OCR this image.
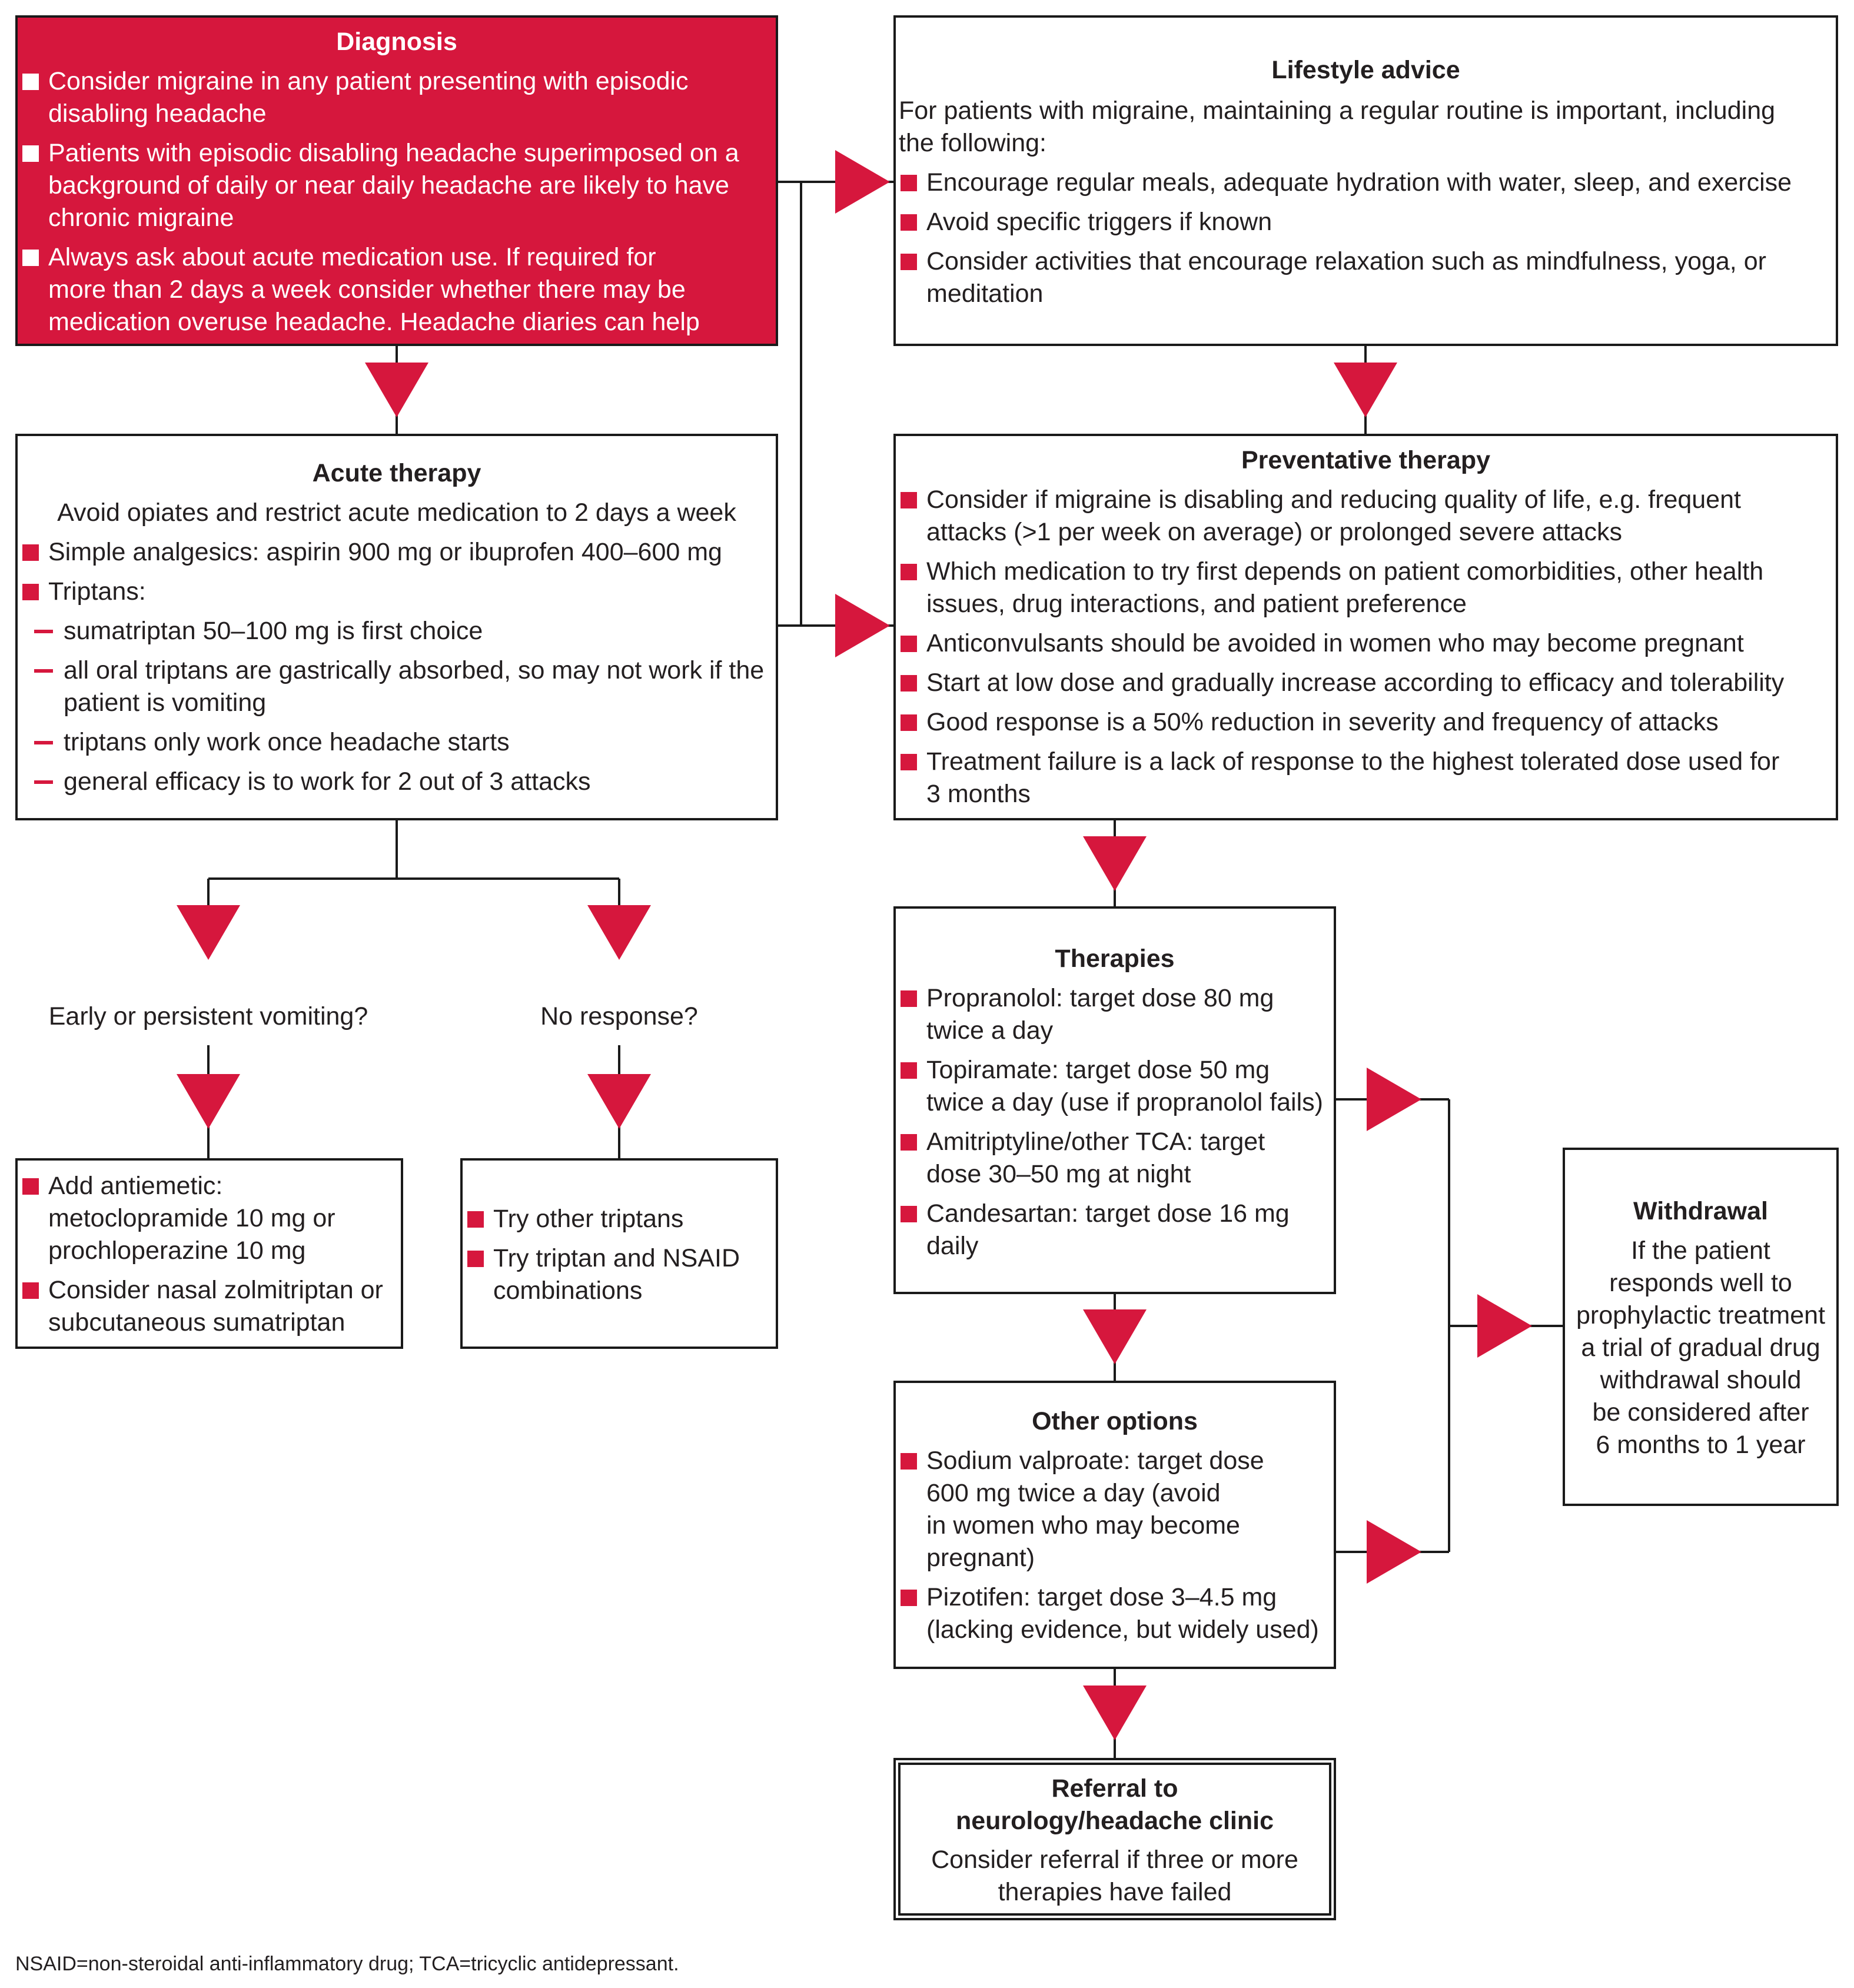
Diagnosis
Consider migraine in any patient presenting with episodic
disabling headache
Patients with episodic disabling headache superimposed on a
background of daily or near daily headache are likely to have
chronic migraine
Always ask about acute medication use. If required for
more than 2 days a week consider whether there may be
medication overuse headache. Headache diaries can help
Lifestyle advice
For patients with migraine, maintaining a regular routine is important, including
the following:
Encourage regular meals, adequate hydration with water, sleep, and exercise
Avoid specific triggers if known
Consider activities that encourage relaxation such as mindfulness, yoga, or
meditation
Acute therapy
Avoid opiates and restrict acute medication to 2 days a week
Simple analgesics: aspirin 900 mg or ibuprofen 400–600 mg
Triptans:
sumatriptan 50–100 mg is first choice
all oral triptans are gastrically absorbed, so may not work if the
patient is vomiting
triptans only work once headache starts
general efficacy is to work for 2 out of 3 attacks
Preventative therapy
Consider if migraine is disabling and reducing quality of life, e.g. frequent
attacks (>1 per week on average) or prolonged severe attacks
Which medication to try first depends on patient comorbidities, other health
issues, drug interactions, and patient preference
Anticonvulsants should be avoided in women who may become pregnant
Start at low dose and gradually increase according to efficacy and tolerability
Good response is a 50% reduction in severity and frequency of attacks
Treatment failure is a lack of response to the highest tolerated dose used for
3 months
Early or persistent vomiting?	No response?
Add antiemetic:
metoclopramide 10 mg or
prochloperazine 10 mg
Consider nasal zolmitriptan or
subcutaneous sumatriptan
Try other triptans
Try triptan and NSAID
combinations
Therapies
Propranolol: target dose 80 mg
twice a day
Topiramate: target dose 50 mg
twice a day (use if propranolol fails)
Amitriptyline/other TCA: target
dose 30–50 mg at night
Candesartan: target dose 16 mg
daily
Other options
Sodium valproate: target dose
600 mg twice a day (avoid
in women who may become
pregnant)
Pizotifen: target dose 3–4.5 mg
(lacking evidence, but widely used)
Referral to
neurology/headache clinic
Consider referral if three or more
therapies have failed
Withdrawal
If the patient
responds well to
prophylactic treatment
a trial of gradual drug
withdrawal should
be considered after
6 months to 1 year
NSAID=non-steroidal anti-inflammatory drug; TCA=tricyclic antidepressant.
